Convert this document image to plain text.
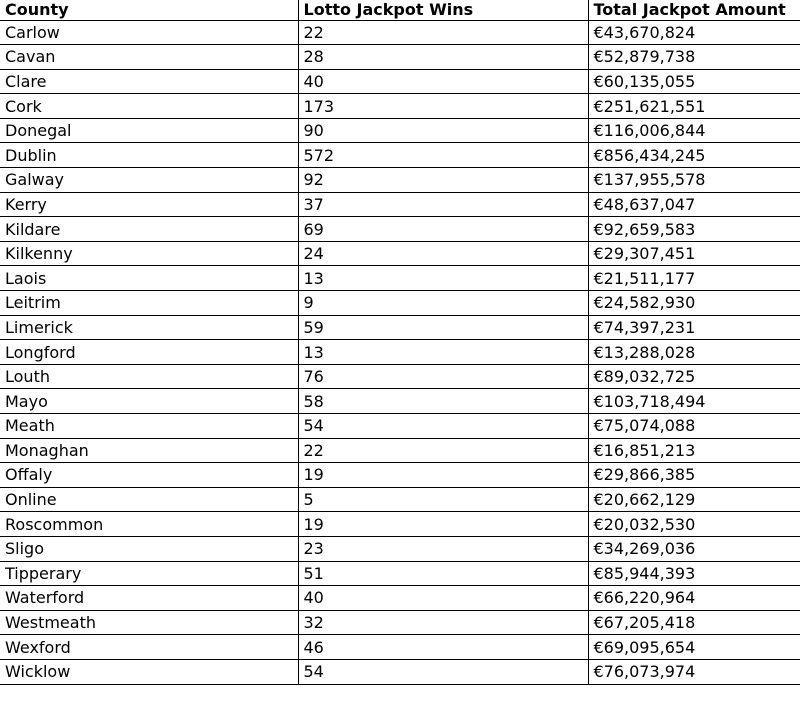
County	Lotto Jackpot Wins	Total Jackpot Amount
Carlow	22	€43,670,824
Cavan	28	€52,879,738
Clare	40	€60,135,055
Cork	173	€251,621,551
Donegal	90	€116,006,844
Dublin	572	€856,434,245
Galway	92	€137,955,578
Kerry	37	€48,637,047
Kildare	69	€92,659,583
Kilkenny	24	€29,307,451
Laois	13	€21,511,177
Leitrim	9	€24,582,930
Limerick	59	€74,397,231
Longford	13	€13,288,028
Louth	76	€89,032,725
Mayo	58	€103,718,494
Meath	54	€75,074,088
Monaghan	22	€16,851,213
Offaly	19	€29,866,385
Online	5	€20,662,129
Roscommon	19	€20,032,530
Sligo	23	€34,269,036
Tipperary	51	€85,944,393
Waterford	40	€66,220,964
Westmeath	32	€67,205,418
Wexford	46	€69,095,654
Wicklow	54	€76,073,974
